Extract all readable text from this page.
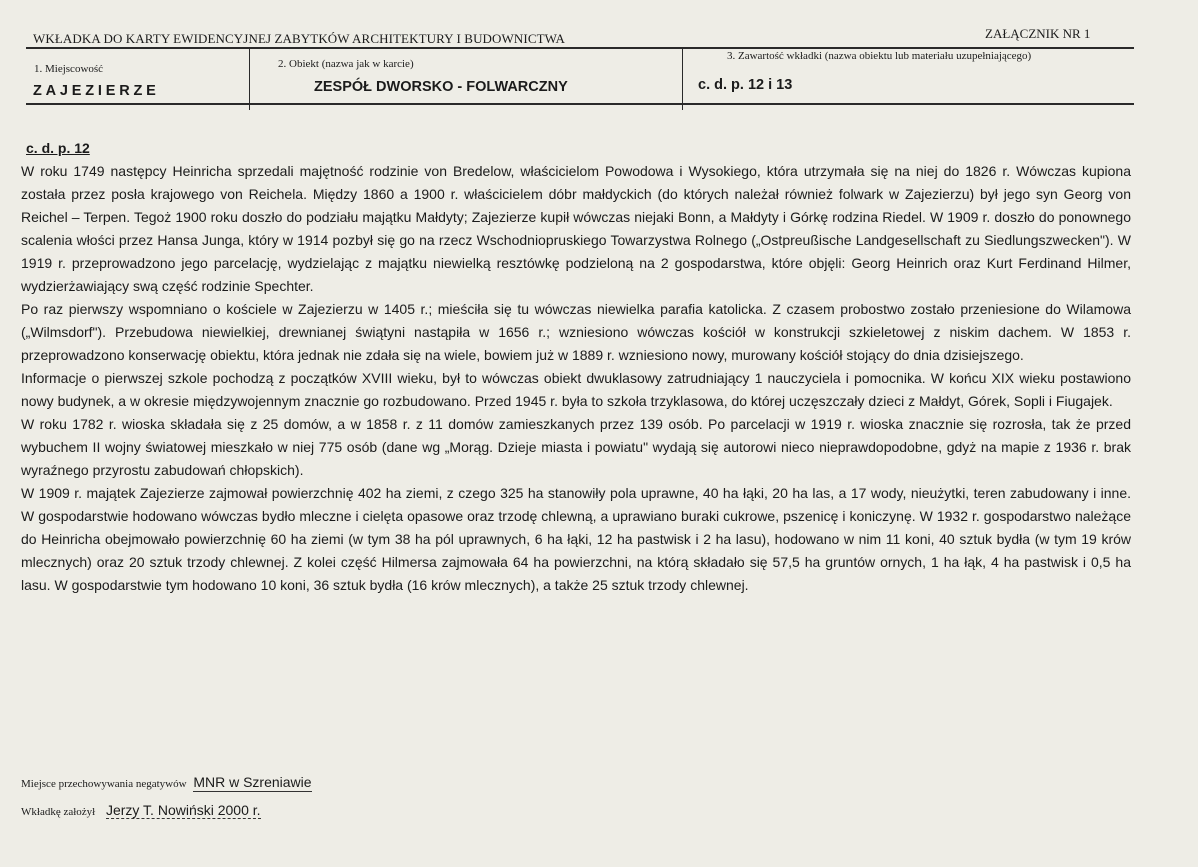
WKŁADKA DO KARTY EWIDENCYJNEJ ZABYTKÓW ARCHITEKTURY I BUDOWNICTWA	ZAŁĄCZNIK NR 1
1. Miejscowość
ZAJEZIERZE
2. Obiekt (nazwa jak w karcie)
ZESPÓŁ DWORSKO - FOLWARCZNY
3. Zawartość wkładki (nazwa obiektu lub materiału uzupełniającego)
c. d. p. 12 i 13
c. d. p. 12

W roku 1749 następcy Heinricha sprzedali majętność rodzinie von Bredelow, właścicielom Powodowa i Wysokiego, która utrzymała się na niej do 1826 r. Wówczas kupiona została przez posła krajowego von Reichela. Między 1860 a 1900 r. właścicielem dóbr małdyckich (do których należał również folwark w Zajezierzu) był jego syn Georg von Reichel – Terpen. Tegoż 1900 roku doszło do podziału majątku Małdyty; Zajezierze kupił wówczas niejaki Bonn, a Małdyty i Górkę rodzina Riedel. W 1909 r. doszło do ponownego scalenia włości przez Hansa Junga, który w 1914 pozbył się go na rzecz Wschodniopruskiego Towarzystwa Rolnego („Ostpreußische Landgesellschaft zu Siedlungszwecken"). W 1919 r. przeprowadzono jego parcelację, wydzielając z majątku niewielką resztówkę podzieloną na 2 gospodarstwa, które objęli: Georg Heinrich oraz Kurt Ferdinand Hilmer, wydzierżawiający swą część rodzinie Spechter.

Po raz pierwszy wspomniano o kościele w Zajezierzu w 1405 r.; mieściła się tu wówczas niewielka parafia katolicka. Z czasem probostwo zostało przeniesione do Wilamowa („Wilmsdorf"). Przebudowa niewielkiej, drewnianej świątyni nastąpiła w 1656 r.; wzniesiono wówczas kościół w konstrukcji szkieletowej z niskim dachem. W 1853 r. przeprowadzono konserwację obiektu, która jednak nie zdała się na wiele, bowiem już w 1889 r. wzniesiono nowy, murowany kościół stojący do dnia dzisiejszego.

Informacje o pierwszej szkole pochodzą z początków XVIII wieku, był to wówczas obiekt dwuklasowy zatrudniający 1 nauczyciela i pomocnika. W końcu XIX wieku postawiono nowy budynek, a w okresie międzywojennym znacznie go rozbudowano. Przed 1945 r. była to szkoła trzyklasowa, do której uczęszczały dzieci z Małdyt, Górek, Sopli i Fiugajek.

W roku 1782 r. wioska składała się z 25 domów, a w 1858 r. z 11 domów zamieszkanych przez 139 osób. Po parcelacji w 1919 r. wioska znacznie się rozrosła, tak że przed wybuchem II wojny światowej mieszkało w niej 775 osób (dane wg „Morąg. Dzieje miasta i powiatu" wydają się autorowi nieco nieprawdopodobne, gdyż na mapie z 1936 r. brak wyraźnego przyrostu zabudowań chłopskich).

W 1909 r. majątek Zajezierze zajmował powierzchnię 402 ha ziemi, z czego 325 ha stanowiły pola uprawne, 40 ha łąki, 20 ha las, a 17 wody, nieużytki, teren zabudowany i inne. W gospodarstwie hodowano wówczas bydło mleczne i cielęta opasowe oraz trzodę chlewną, a uprawiano buraki cukrowe, pszenicę i koniczynę. W 1932 r. gospodarstwo należące do Heinricha obejmowało powierzchnię 60 ha ziemi (w tym 38 ha pól uprawnych, 6 ha łąki, 12 ha pastwisk i 2 ha lasu), hodowano w nim 11 koni, 40 sztuk bydła (w tym 19 krów mlecznych) oraz 20 sztuk trzody chlewnej. Z kolei część Hilmersa zajmowała 64 ha powierzchni, na którą składało się 57,5 ha gruntów ornych, 1 ha łąk, 4 ha pastwisk i 0,5 ha lasu. W gospodarstwie tym hodowano 10 koni, 36 sztuk bydła (16 krów mlecznych), a także 25 sztuk trzody chlewnej.

Miejsce przechowywania negatywów MNR w Szreniawie
Wkładkę założył Jerzy T. Nowiński 2000 r.
